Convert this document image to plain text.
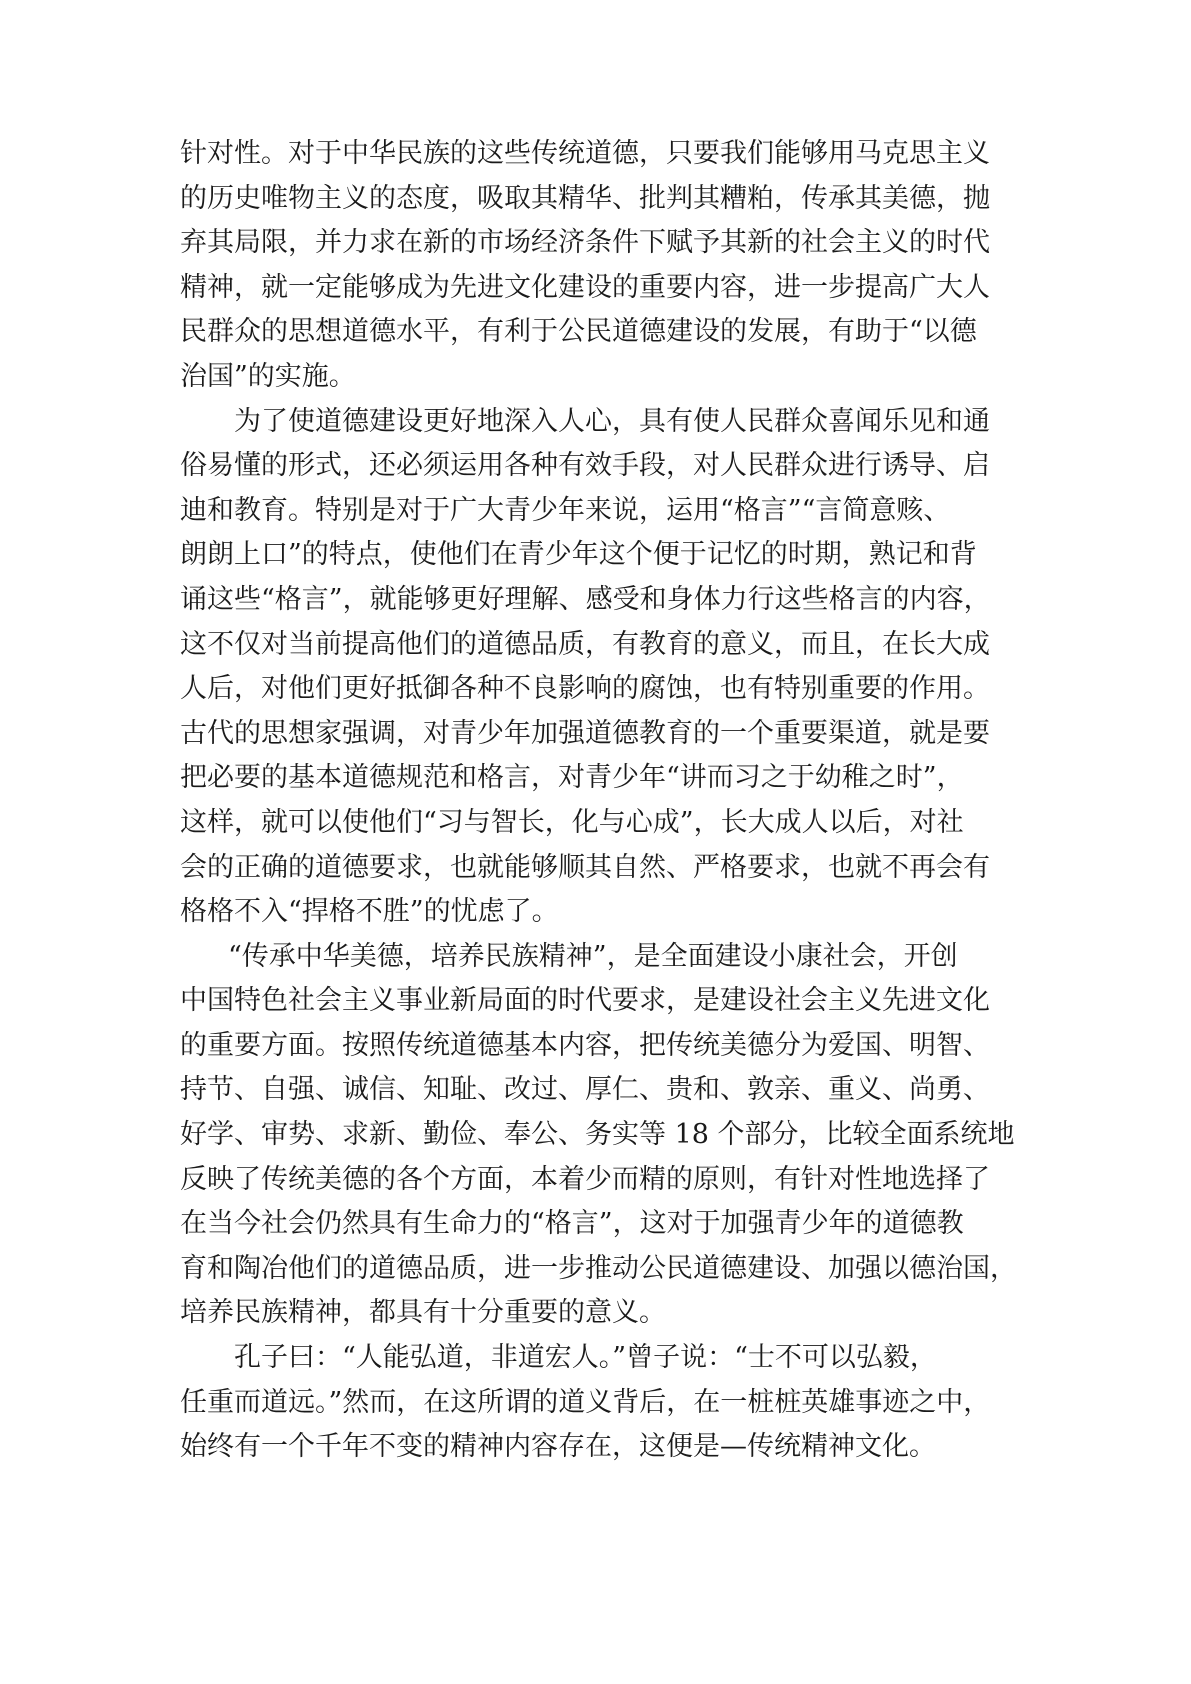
针对性。对于中华民族的这些传统道德，只要我们能够用马克思主义
的历史唯物主义的态度，吸取其精华、批判其糟粕，传承其美德，抛
弃其局限，并力求在新的市场经济条件下赋予其新的社会主义的时代
精神，就一定能够成为先进文化建设的重要内容，进一步提高广大人
民群众的思想道德水平，有利于公民道德建设的发展，有助于“以德
治国”的实施。
为了使道德建设更好地深入人心，具有使人民群众喜闻乐见和通
俗易懂的形式，还必须运用各种有效手段，对人民群众进行诱导、启
迪和教育。特别是对于广大青少年来说，运用“格言”“言简意赅、
朗朗上口”的特点，使他们在青少年这个便于记忆的时期，熟记和背
诵这些“格言”，就能够更好理解、感受和身体力行这些格言的内容，
这不仅对当前提高他们的道德品质，有教育的意义，而且，在长大成
人后，对他们更好抵御各种不良影响的腐蚀，也有特别重要的作用。
古代的思想家强调，对青少年加强道德教育的一个重要渠道，就是要
把必要的基本道德规范和格言，对青少年“讲而习之于幼稚之时”，
这样，就可以使他们“习与智长，化与心成”，长大成人以后，对社
会的正确的道德要求，也就能够顺其自然、严格要求，也就不再会有
格格不入“捍格不胜”的忧虑了。
“传承中华美德，培养民族精神”，是全面建设小康社会，开创
中国特色社会主义事业新局面的时代要求，是建设社会主义先进文化
的重要方面。按照传统道德基本内容，把传统美德分为爱国、明智、
持节、自强、诚信、知耻、改过、厚仁、贵和、敦亲、重义、尚勇、
好学、审势、求新、勤俭、奉公、务实等 18 个部分，比较全面系统地
反映了传统美德的各个方面，本着少而精的原则，有针对性地选择了
在当今社会仍然具有生命力的“格言”，这对于加强青少年的道德教
育和陶冶他们的道德品质，进一步推动公民道德建设、加强以德治国，
培养民族精神，都具有十分重要的意义。
孔子曰：“人能弘道，非道宏人。”曾子说：“士不可以弘毅，
任重而道远。”然而，在这所谓的道义背后，在一桩桩英雄事迹之中，
始终有一个千年不变的精神内容存在，这便是—传统精神文化。
